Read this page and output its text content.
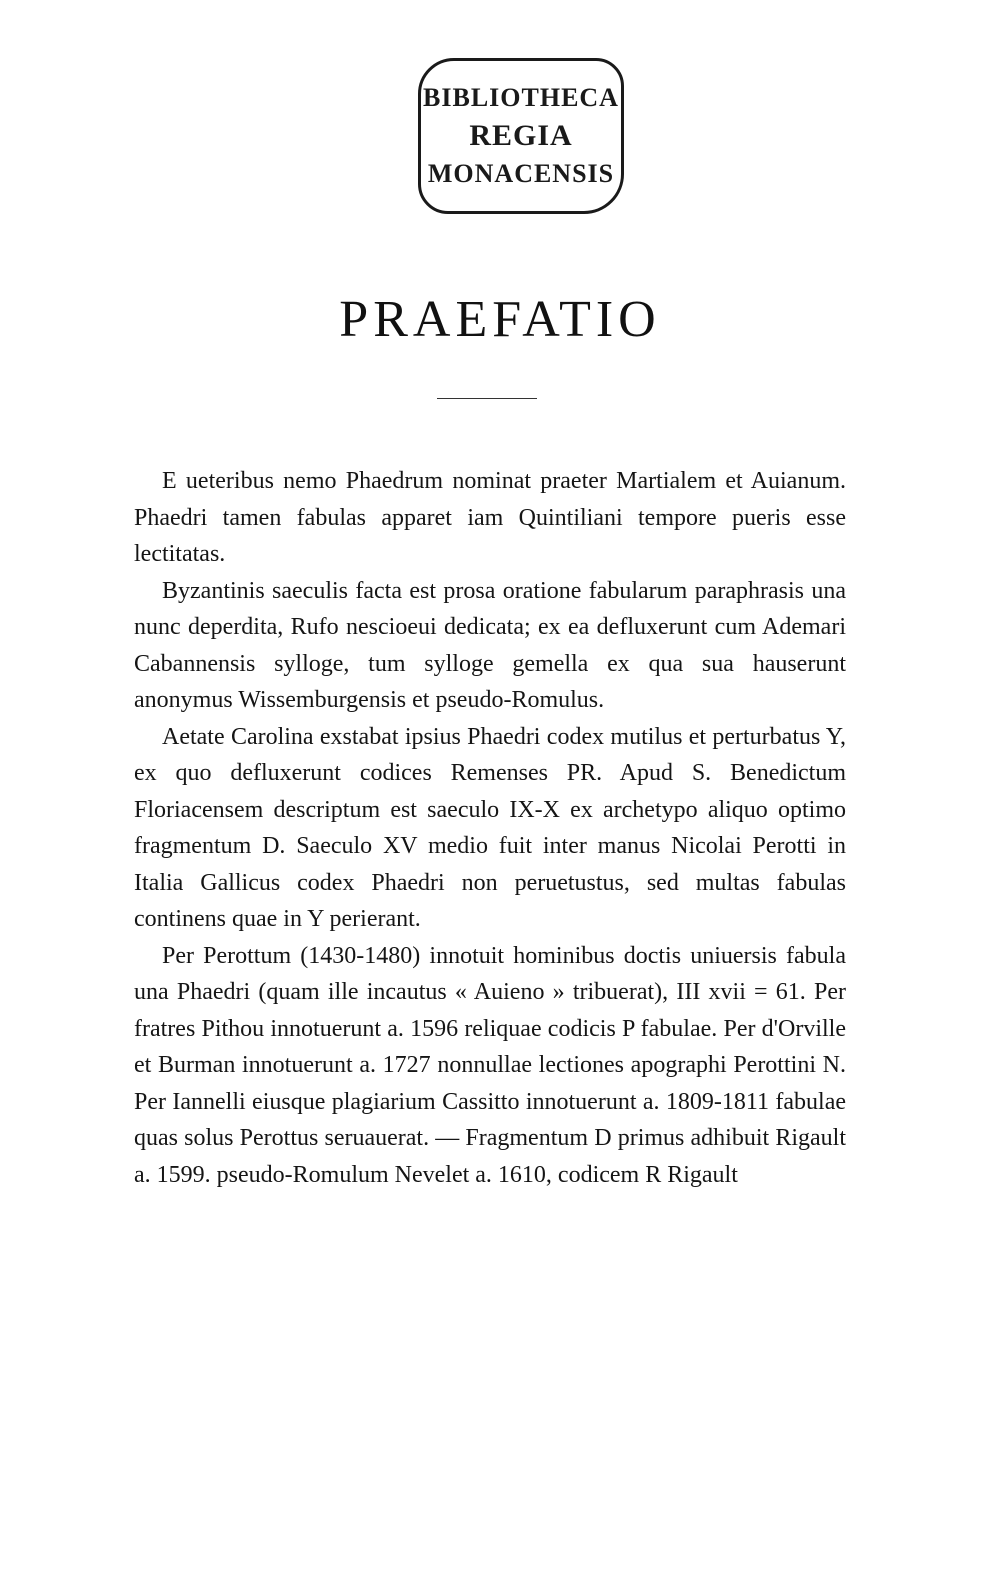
BIBLIOTHECA
REGIA
MONACENSIS
PRAEFATIO

E ueteribus nemo Phaedrum nominat praeter Martialem et Auianum. Phaedri tamen fabulas apparet iam Quintiliani tempore pueris esse lectitatas.

Byzantinis saeculis facta est prosa oratione fabularum paraphrasis una nunc deperdita, Rufo nescioeui dedicata; ex ea defluxerunt cum Ademari Cabannensis sylloge, tum sylloge gemella ex qua sua hauserunt anonymus Wissemburgensis et pseudo-Romulus.

Aetate Carolina exstabat ipsius Phaedri codex mutilus et perturbatus Y, ex quo defluxerunt codices Remenses PR. Apud S. Benedictum Floriacensem descriptum est saeculo IX-X ex archetypo aliquo optimo fragmentum D. Saeculo XV medio fuit inter manus Nicolai Perotti in Italia Gallicus codex Phaedri non peruetustus, sed multas fabulas continens quae in Y perierant.

Per Perottum (1430-1480) innotuit hominibus doctis uniuersis fabula una Phaedri (quam ille incautus « Auieno » tribuerat), III xvii = 61. Per fratres Pithou innotuerunt a. 1596 reliquae codicis P fabulae. Per d'Orville et Burman innotuerunt a. 1727 nonnullae lectiones apographi Perottini N. Per Iannelli eiusque plagiarium Cassitto innotuerunt a. 1809-1811 fabulae quas solus Perottus seruauerat. — Fragmentum D primus adhibuit Rigault a. 1599. pseudo-Romulum Nevelet a. 1610, codicem R Rigault
